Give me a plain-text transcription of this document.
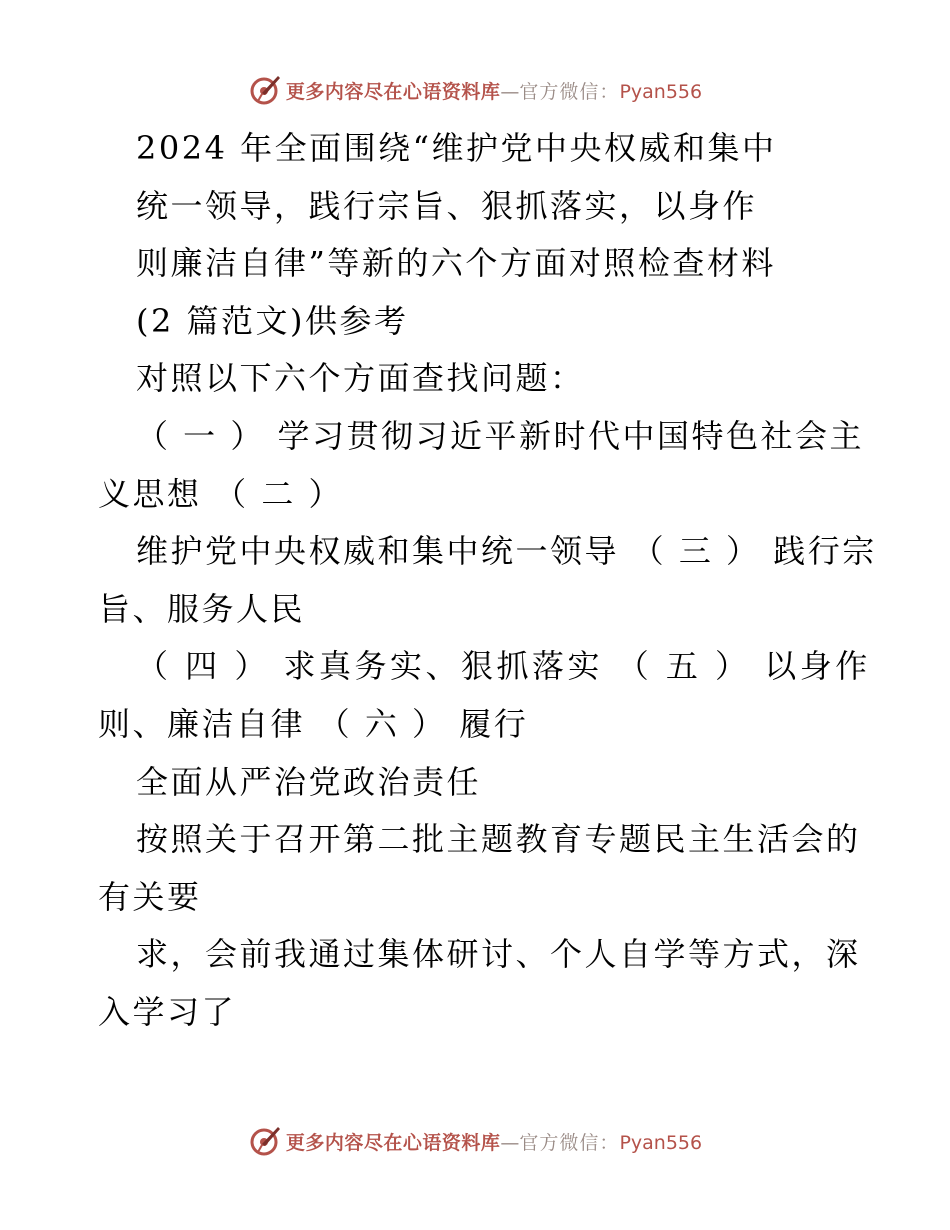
更多内容尽在心语资料库—官方微信：Pyan556
2024 年全面围绕“维护党中央权威和集中
统一领导，践行宗旨、狠抓落实，以身作
则廉洁自律”等新的六个方面对照检查材料
(2 篇范文)供参考
对照以下六个方面查找问题：
（ 一 ） 学习贯彻习近平新时代中国特色社会主
义思想 （ 二 ）
维护党中央权威和集中统一领导 （ 三 ） 践行宗
旨、服务人民
（ 四 ） 求真务实、狠抓落实 （ 五 ） 以身作
则、廉洁自律 （ 六 ） 履行
全面从严治党政治责任
按照关于召开第二批主题教育专题民主生活会的
有关要
求，会前我通过集体研讨、个人自学等方式，深
入学习了
更多内容尽在心语资料库—官方微信：Pyan556
